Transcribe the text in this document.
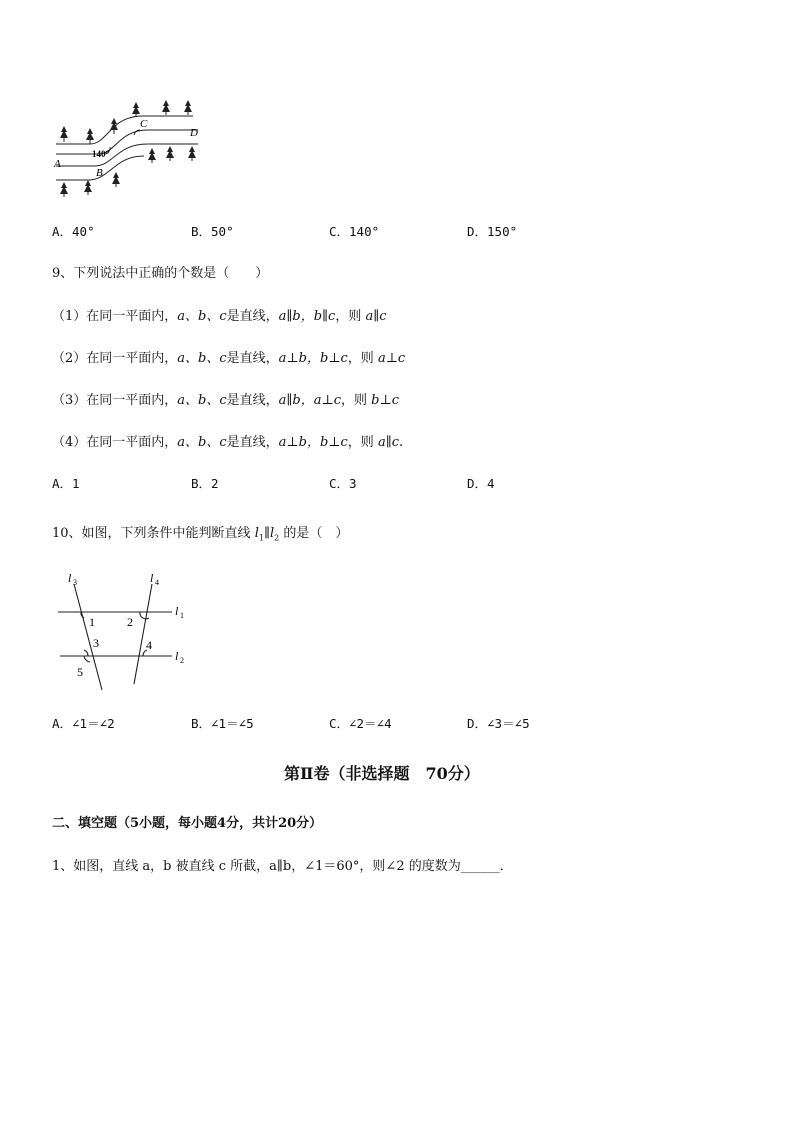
A
B
C
D
140°
A．40°	B．50°	C．140°	D．150°
9、下列说法中正确的个数是（　　）
（1）在同一平面内，a、b、c是直线，a∥b，b∥c，则 a∥c
（2）在同一平面内，a、b、c是直线，a⊥b，b⊥c，则 a⊥c
（3）在同一平面内，a、b、c是直线，a∥b，a⊥c，则 b⊥c
（4）在同一平面内，a、b、c是直线，a⊥b，b⊥c，则 a∥c.
A．1	B．2	C．3	D．4
10、如图，下列条件中能判断直线 $l_1\parallel l_2$ 的是（　）
l 3	l 4
l 1
l 2
1	2
3	4
5
A．∠1＝∠2	B．∠1＝∠5	C．∠2＝∠4	D．∠3＝∠5
第Ⅱ卷（非选择题　70分）
二、填空题（5小题，每小题4分，共计20分）
1、如图，直线 a，b 被直线 c 所截，a∥b，∠1＝60°，则∠2 的度数为______．
